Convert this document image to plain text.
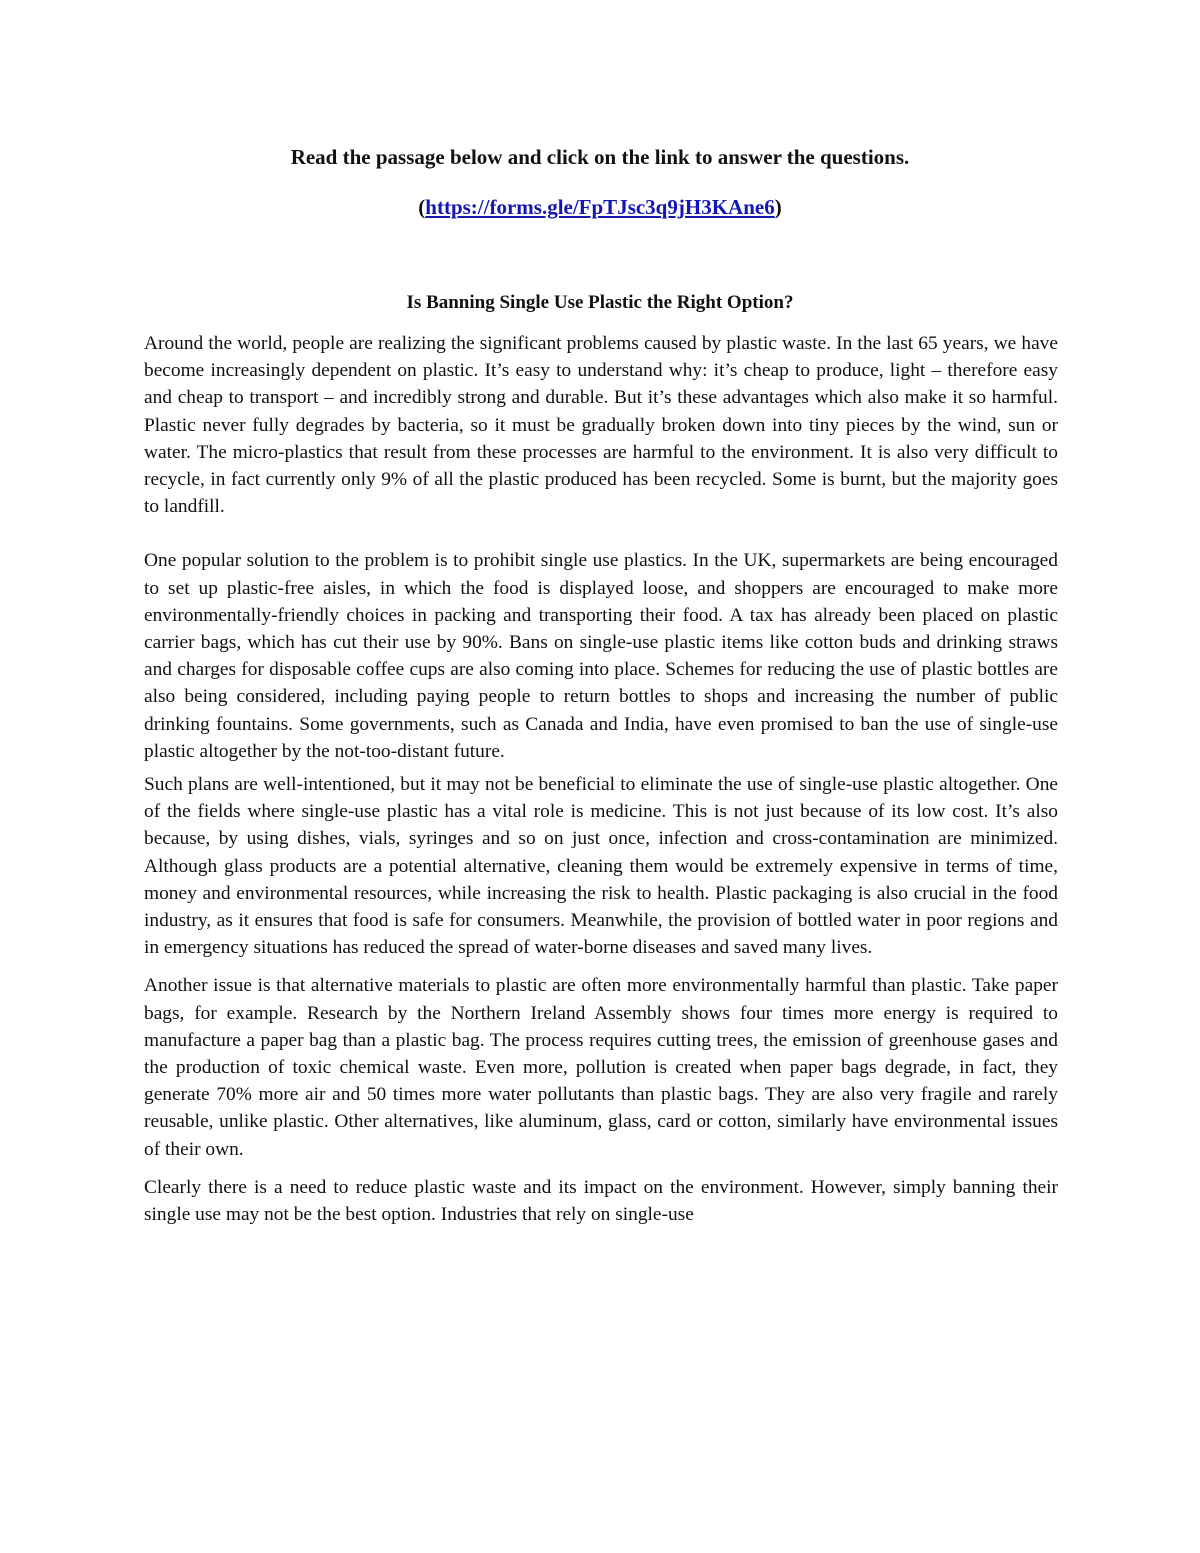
Read the passage below and click on the link to answer the questions.
(https://forms.gle/FpTJsc3q9jH3KAne6)
Is Banning Single Use Plastic the Right Option?

Around the world, people are realizing the significant problems caused by plastic waste. In the last 65 years, we have become increasingly dependent on plastic. It’s easy to understand why: it’s cheap to produce, light – therefore easy and cheap to transport – and incredibly strong and durable. But it’s these advantages which also make it so harmful. Plastic never fully degrades by bacteria, so it must be gradually broken down into tiny pieces by the wind, sun or water. The micro-plastics that result from these processes are harmful to the environment. It is also very difficult to recycle, in fact currently only 9% of all the plastic produced has been recycled. Some is burnt, but the majority goes to landfill.

One popular solution to the problem is to prohibit single use plastics. In the UK, supermarkets are being encouraged to set up plastic-free aisles, in which the food is displayed loose, and shoppers are encouraged to make more environmentally-friendly choices in packing and transporting their food. A tax has already been placed on plastic carrier bags, which has cut their use by 90%. Bans on single-use plastic items like cotton buds and drinking straws and charges for disposable coffee cups are also coming into place. Schemes for reducing the use of plastic bottles are also being considered, including paying people to return bottles to shops and increasing the number of public drinking fountains. Some governments, such as Canada and India, have even promised to ban the use of single-use plastic altogether by the not-too-distant future.

Such plans are well-intentioned, but it may not be beneficial to eliminate the use of single-use plastic altogether. One of the fields where single-use plastic has a vital role is medicine. This is not just because of its low cost. It’s also because, by using dishes, vials, syringes and so on just once, infection and cross-contamination are minimized. Although glass products are a potential alternative, cleaning them would be extremely expensive in terms of time, money and environmental resources, while increasing the risk to health. Plastic packaging is also crucial in the food industry, as it ensures that food is safe for consumers. Meanwhile, the provision of bottled water in poor regions and in emergency situations has reduced the spread of water-borne diseases and saved many lives.

Another issue is that alternative materials to plastic are often more environmentally harmful than plastic. Take paper bags, for example. Research by the Northern Ireland Assembly shows four times more energy is required to manufacture a paper bag than a plastic bag. The process requires cutting trees, the emission of greenhouse gases and the production of toxic chemical waste. Even more, pollution is created when paper bags degrade, in fact, they generate 70% more air and 50 times more water pollutants than plastic bags. They are also very fragile and rarely reusable, unlike plastic. Other alternatives, like aluminum, glass, card or cotton, similarly have environmental issues of their own.

Clearly there is a need to reduce plastic waste and its impact on the environment. However, simply banning their single use may not be the best option. Industries that rely on single-use
